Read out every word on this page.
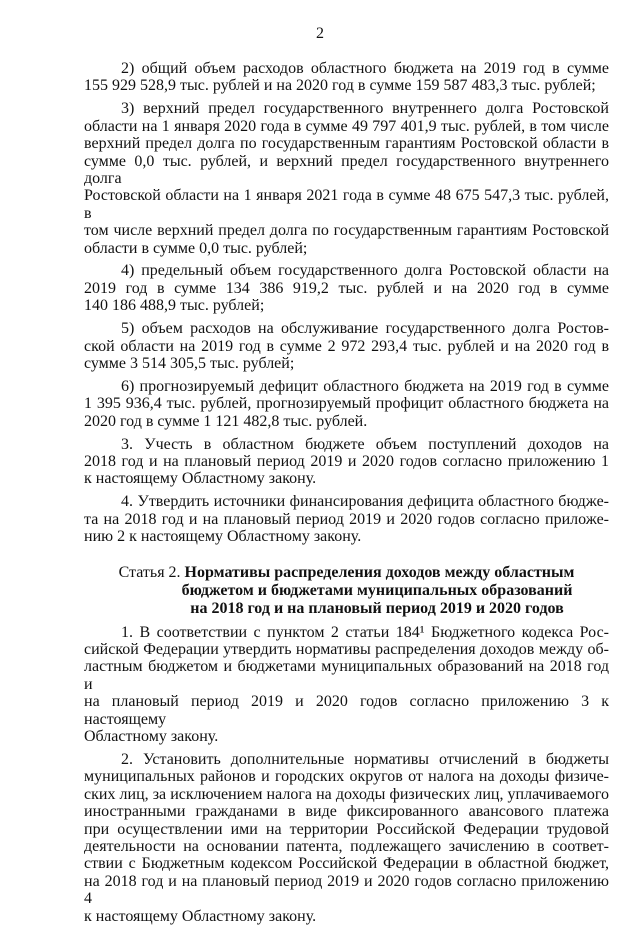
2
2) общий объем расходов областного бюджета на 2019 год в сумме
155 929 528,9 тыс. рублей и на 2020 год в сумме 159 587 483,3 тыс. рублей;
3) верхний предел государственного внутреннего долга Ростовской
области на 1 января 2020 года в сумме 49 797 401,9 тыс. рублей, в том числе
верхний предел долга по государственным гарантиям Ростовской области в
сумме 0,0 тыс. рублей, и верхний предел государственного внутреннего долга
Ростовской области на 1 января 2021 года в сумме 48 675 547,3 тыс. рублей, в
том числе верхний предел долга по государственным гарантиям Ростовской
области в сумме 0,0 тыс. рублей;
4) предельный объем государственного долга Ростовской области на
2019 год в сумме 134 386 919,2 тыс. рублей и на 2020 год в сумме
140 186 488,9 тыс. рублей;
5) объем расходов на обслуживание государственного долга Ростов-
ской области на 2019 год в сумме 2 972 293,4 тыс. рублей и на 2020 год в
сумме 3 514 305,5 тыс. рублей;
6) прогнозируемый дефицит областного бюджета на 2019 год в сумме
1 395 936,4 тыс. рублей, прогнозируемый профицит областного бюджета на
2020 год в сумме 1 121 482,8 тыс. рублей.
3. Учесть в областном бюджете объем поступлений доходов на
2018 год и на плановый период 2019 и 2020 годов согласно приложению 1
к настоящему Областному закону.
4. Утвердить источники финансирования дефицита областного бюдже-
та на 2018 год и на плановый период 2019 и 2020 годов согласно приложе-
нию 2 к настоящему Областному закону.
Статья 2. Нормативы распределения доходов между областным
бюджетом и бюджетами муниципальных образований
на 2018 год и на плановый период 2019 и 2020 годов
1. В соответствии с пунктом 2 статьи 184¹ Бюджетного кодекса Рос-
сийской Федерации утвердить нормативы распределения доходов между об-
ластным бюджетом и бюджетами муниципальных образований на 2018 год и
на плановый период 2019 и 2020 годов согласно приложению 3 к настоящему
Областному закону.
2. Установить дополнительные нормативы отчислений в бюджеты
муниципальных районов и городских округов от налога на доходы физиче-
ских лиц, за исключением налога на доходы физических лиц, уплачиваемого
иностранными гражданами в виде фиксированного авансового платежа
при осуществлении ими на территории Российской Федерации трудовой
деятельности на основании патента, подлежащего зачислению в соответ-
ствии с Бюджетным кодексом Российской Федерации в областной бюджет,
на 2018 год и на плановый период 2019 и 2020 годов согласно приложению 4
к настоящему Областному закону.
